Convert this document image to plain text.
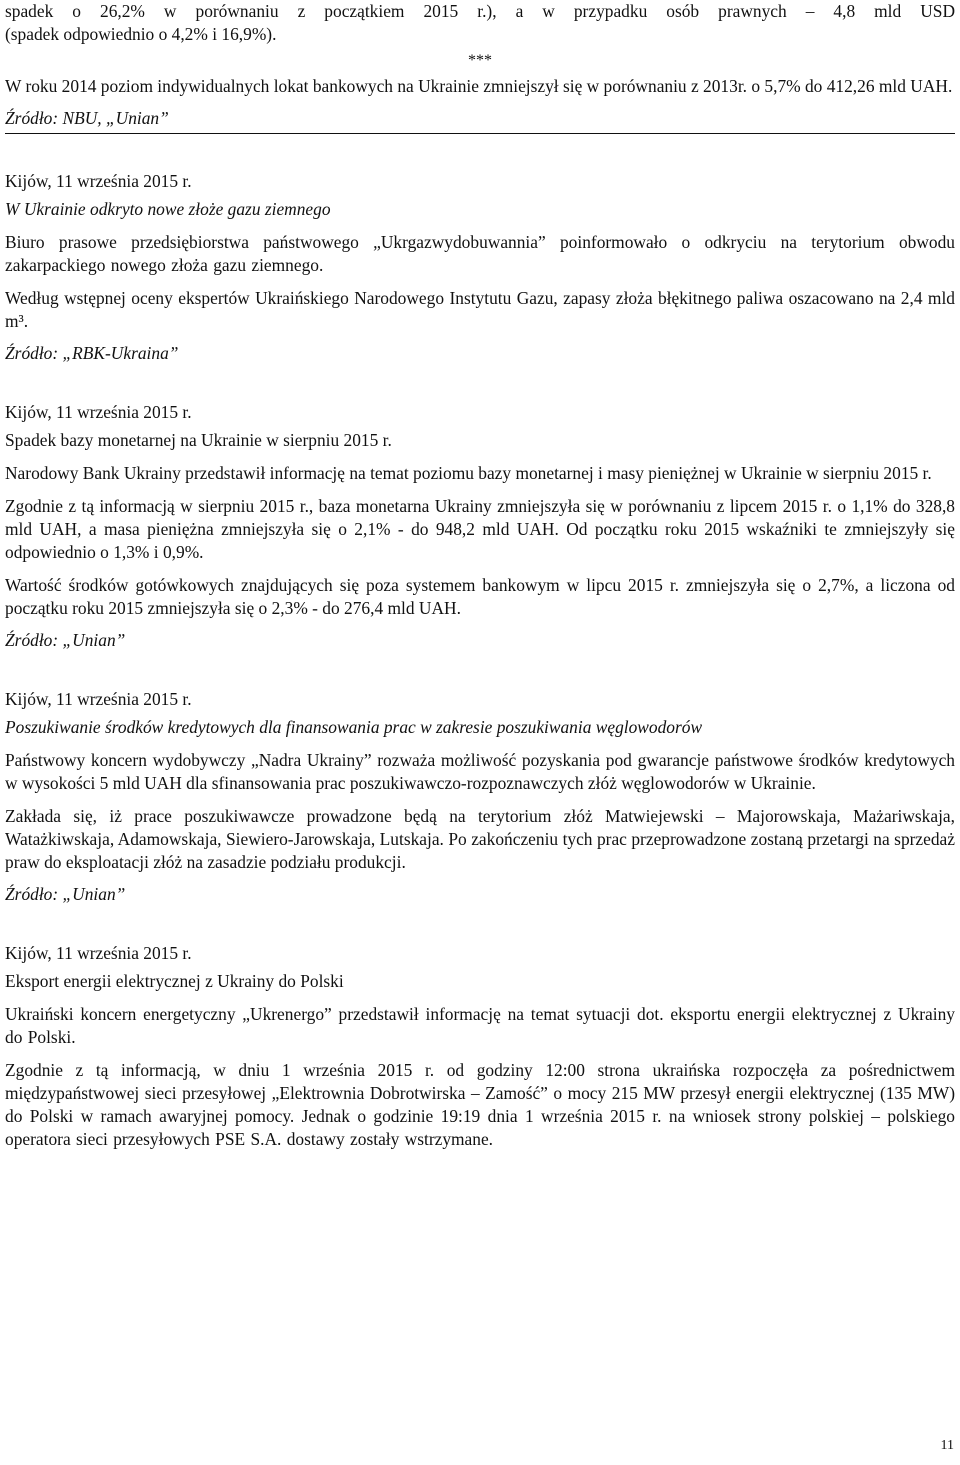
spadek o 26,2% w porównaniu z początkiem 2015 r.), a w przypadku osób prawnych – 4,8 mld USD

(spadek odpowiednio o 4,2% i 16,9%).

***

W roku 2014 poziom indywidualnych lokat bankowych na Ukrainie zmniejszył się w porównaniu z 2013r. o 5,7% do 412,26 mld UAH.

Źródło: NBU, „Unian”

Kijów, 11 września 2015 r.

W Ukrainie odkryto nowe złoże gazu ziemnego

Biuro prasowe przedsiębiorstwa państwowego „Ukrgazwydobuwannia” poinformowało o odkryciu na terytorium obwodu zakarpackiego nowego złoża gazu ziemnego.

Według wstępnej oceny ekspertów Ukraińskiego Narodowego Instytutu Gazu, zapasy złoża błękitnego paliwa oszacowano na 2,4 mld m³.

Źródło: „RBK-Ukraina”

Kijów, 11 września 2015 r.

Spadek bazy monetarnej na Ukrainie w sierpniu 2015 r.

Narodowy Bank Ukrainy przedstawił informację na temat poziomu bazy monetarnej i masy pieniężnej w Ukrainie w sierpniu 2015 r.

Zgodnie z tą informacją w sierpniu 2015 r., baza monetarna Ukrainy zmniejszyła się w porównaniu z lipcem 2015 r. o 1,1% do 328,8 mld UAH, a masa pieniężna zmniejszyła się o 2,1% - do 948,2 mld UAH. Od początku roku 2015 wskaźniki te zmniejszyły się odpowiednio o 1,3% i 0,9%.

Wartość środków gotówkowych znajdujących się poza systemem bankowym w lipcu 2015 r. zmniejszyła się o 2,7%, a liczona od początku roku 2015 zmniejszyła się o 2,3% - do 276,4 mld UAH.

Źródło: „Unian”

Kijów, 11 września 2015 r.

Poszukiwanie środków kredytowych dla finansowania prac w zakresie poszukiwania węglowodorów

Państwowy koncern wydobywczy „Nadra Ukrainy” rozważa możliwość pozyskania pod gwarancje państwowe środków kredytowych w wysokości 5 mld UAH dla sfinansowania prac poszukiwawczo-rozpoznawczych złóż węglowodorów w Ukrainie.

Zakłada się, iż prace poszukiwawcze prowadzone będą na terytorium złóż Matwiejewski – Majorowskaja, Mażariwskaja, Watażkiwskaja, Adamowskaja, Siewiero-Jarowskaja, Lutskaja. Po zakończeniu tych prac przeprowadzone zostaną przetargi na sprzedaż praw do eksploatacji złóż na zasadzie podziału produkcji.

Źródło: „Unian”

Kijów, 11 września 2015 r.

Eksport energii elektrycznej z Ukrainy do Polski

Ukraiński koncern energetyczny „Ukrenergo” przedstawił informację na temat sytuacji dot. eksportu energii elektrycznej z Ukrainy do Polski.

Zgodnie z tą informacją, w dniu 1 września 2015 r. od godziny 12:00 strona ukraińska rozpoczęła za pośrednictwem międzypaństwowej sieci przesyłowej „Elektrownia Dobrotwirska – Zamość” o mocy 215 MW przesył energii elektrycznej (135 MW) do Polski w ramach awaryjnej pomocy. Jednak o godzinie 19:19 dnia 1 września 2015 r. na wniosek strony polskiej – polskiego operatora sieci przesyłowych PSE S.A. dostawy zostały wstrzymane.

11
